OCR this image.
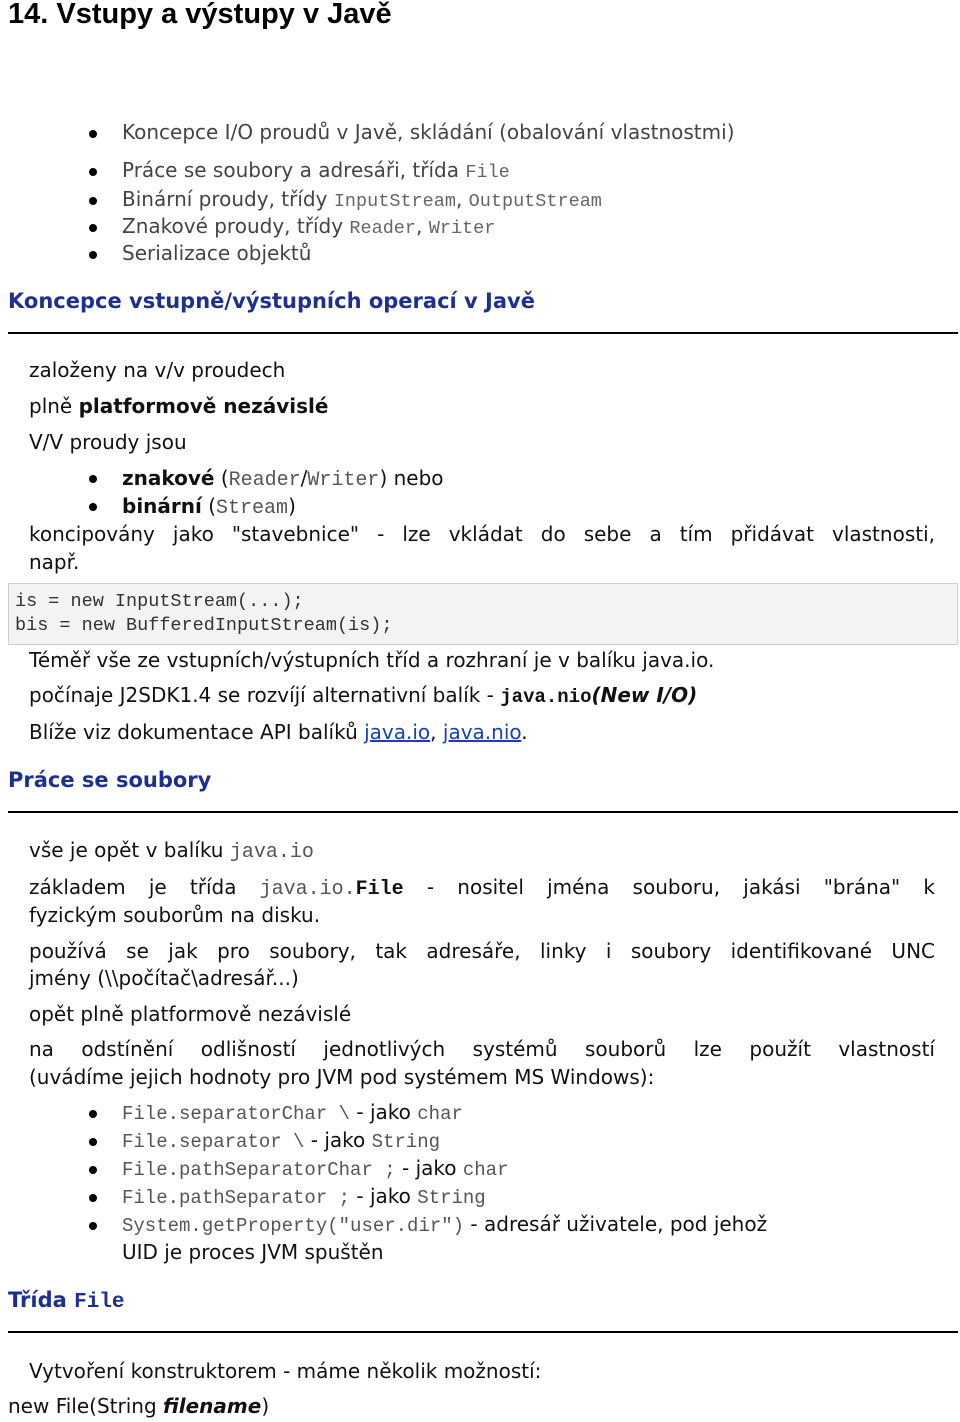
14. Vstupy a výstupy v Javě
Koncepce I/O proudů v Javě, skládání (obalování vlastnostmi)
Práce se soubory a adresáři, třída File
Binární proudy, třídy InputStream, OutputStream
Znakové proudy, třídy Reader, Writer
Serializace objektů
Koncepce vstupně/výstupních operací v Javě
založeny na v/v proudech
plně platformově nezávislé
V/V proudy jsou
znakové (Reader/Writer) nebo
binární (Stream)
koncipovány jako "stavebnice" - lze vkládat do sebe a tím přidávat vlastnosti,
např.
is = new InputStream(...);
bis = new BufferedInputStream(is);
Téměř vše ze vstupních/výstupních tříd a rozhraní je v balíku java.io.
počínaje J2SDK1.4 se rozvíjí alternativní balík - java.nio(New I/O)
Blíže viz dokumentace API balíků java.io, java.nio.
Práce se soubory
vše je opět v balíku java.io
základem je třída java.io.File - nositel jména souboru, jakási "brána" k
fyzickým souborům na disku.
používá se jak pro soubory, tak adresáře, linky i soubory identifikované UNC
jmény (\\počítač\adresář...)
opět plně platformově nezávislé
na odstínění odlišností jednotlivých systémů souborů lze použít vlastností
(uvádíme jejich hodnoty pro JVM pod systémem MS Windows):
File.separatorChar \ - jako char
File.separator \ - jako String
File.pathSeparatorChar ; - jako char
File.pathSeparator ; - jako String
System.getProperty("user.dir") - adresář uživatele, pod jehož
UID je proces JVM spuštěn
Třída File
Vytvoření konstruktorem - máme několik možností:
new File(String filename)
